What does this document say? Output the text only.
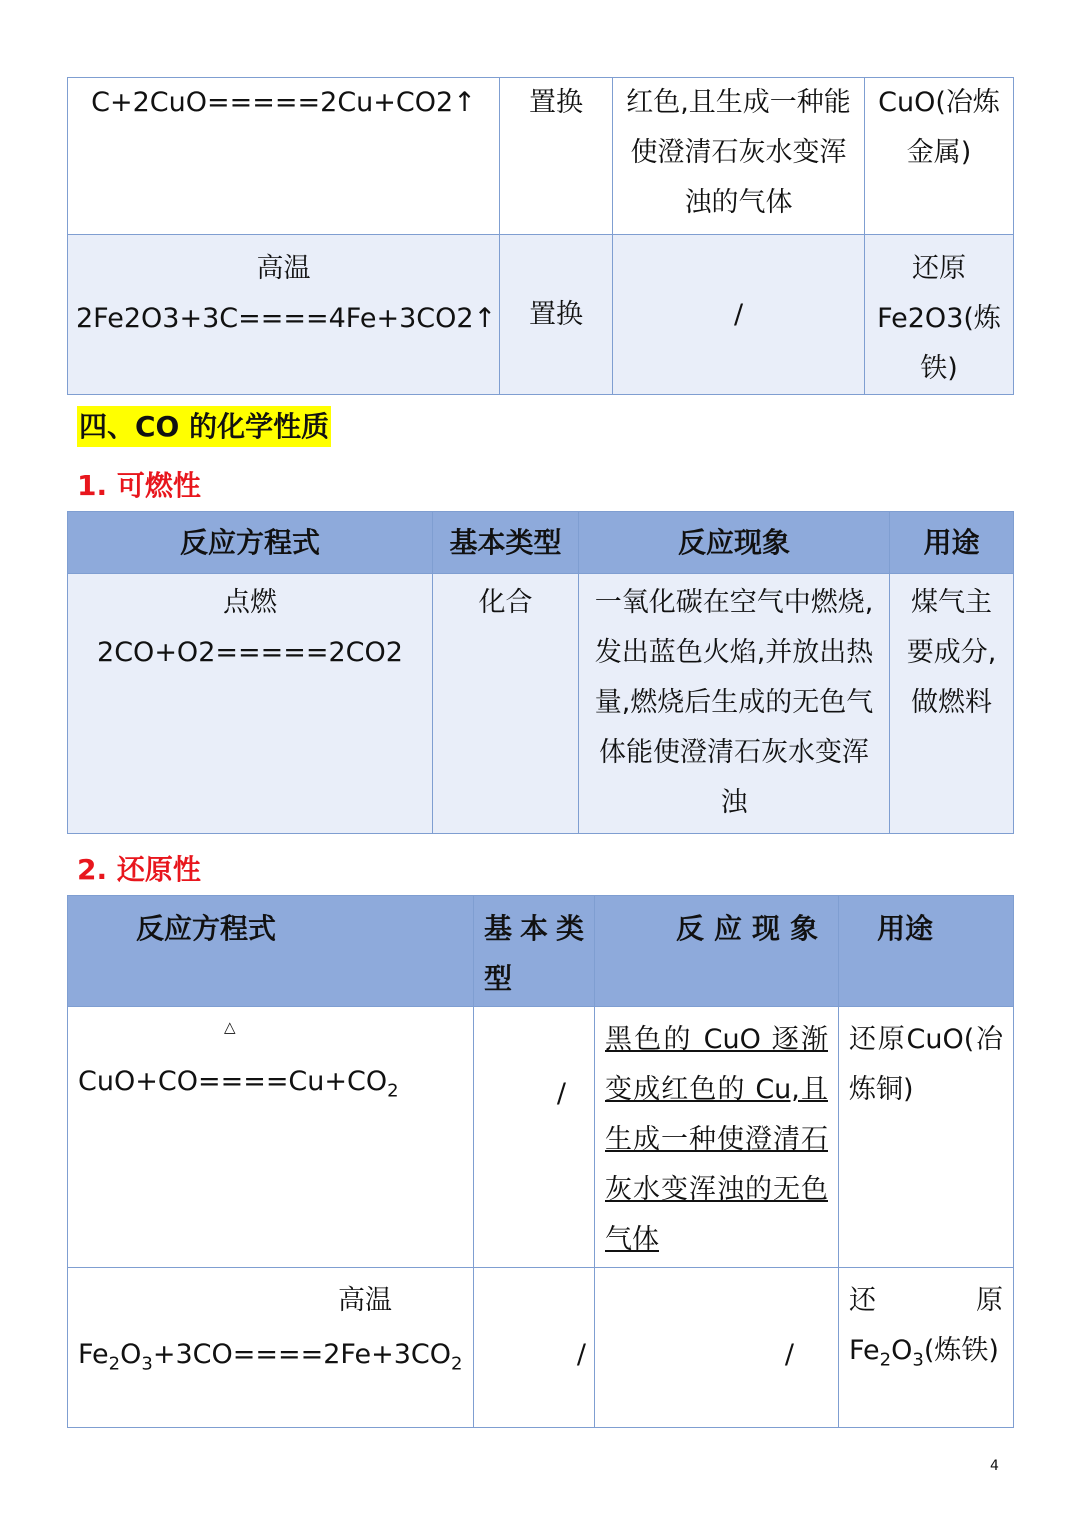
C+2CuO=====2Cu+CO2↑	置换	红色,且生成一种能使澄清石灰水变浑浊的气体	CuO(冶炼金属)

高温
2Fe2O3+3C====4Fe+3CO2↑	置换	/	还原Fe2O3(炼铁)
四、CO 的化学性质
1. 可燃性
反应方程式	基本类型	反应现象	用途

点燃
2CO+O2=====2CO2	化合	一氧化碳在空气中燃烧,发出蓝色火焰,并放出热量,燃烧后生成的无色气体能使澄清石灰水变浑浊	煤气主要成分,做燃料
2. 还原性
反应方程式	基本类型	反应现象	用途

△
$CuO+CO====Cu+CO_2$	/	黑色的 CuO 逐渐变成红色的 Cu,且生成一种使澄清石灰水变浑浊的无色气体	还原CuO(冶炼铜)

高温
$Fe_2O_3+3CO====2Fe+3CO_2$	/	/	还原$Fe_2O_3$(炼铁)
4
